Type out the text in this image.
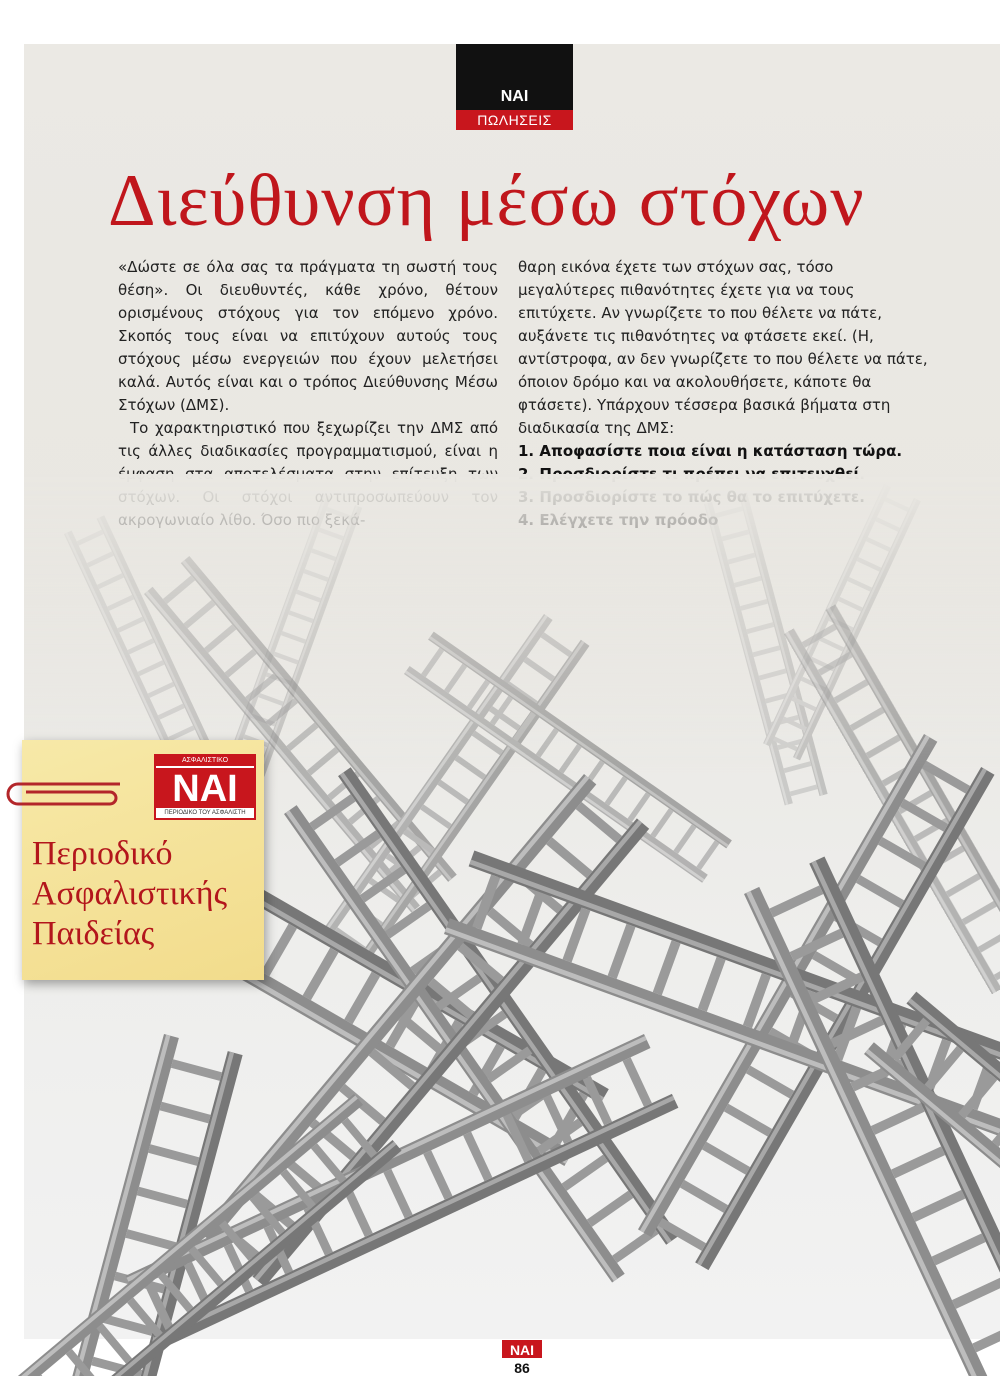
NAI
ΠΩΛΗΣΕΙΣ
Διεύθυνση μέσω στόχων

«Δώστε σε όλα σας τα πράγματα τη σωστή τους θέση». Οι διευθυντές, κάθε χρόνο, θέτουν ορισμένους στόχους για τον επόμενο χρόνο. Σκοπός τους είναι να επιτύχουν αυτούς τους στόχους μέσω ενεργειών που έχουν μελετήσει καλά. Αυτός είναι και ο τρόπος Διεύθυνσης Μέσω Στόχων (ΔΜΣ).

Το χαρακτηριστικό που ξεχωρίζει την ΔΜΣ από τις άλλες διαδικασίες προγραμματισμού, είναι η

θαρη εικόνα έχετε των στόχων σας, τόσο μεγαλύτερες πιθανότητες έχετε για να τους επιτύχετε. Αν γνωρίζετε το που θέλετε να πάτε, αυξάνετε τις πιθανότητες να φτάσετε εκεί. (Η, αντίστροφα, αν δεν γνωρίζετε το που θέλετε να πάτε, όποιον δρόμο και να ακολουθήσετε, κάποτε θα φτάσετε). Υπάρχουν τέσσερα βασικά βήματα στη διαδικασία της ΔΜΣ:

1. Αποφασίστε ποια είναι η κατάσταση τώρα.
NAI
86
ΑΣΦΑΛΙΣΤΙΚΟ
NAI
ΠΕΡΙΟΔΙΚΟ ΤΟΥ ΑΣΦΑΛΙΣΤΗ
Περιοδικό
Ασφαλιστικής
Παιδείας
